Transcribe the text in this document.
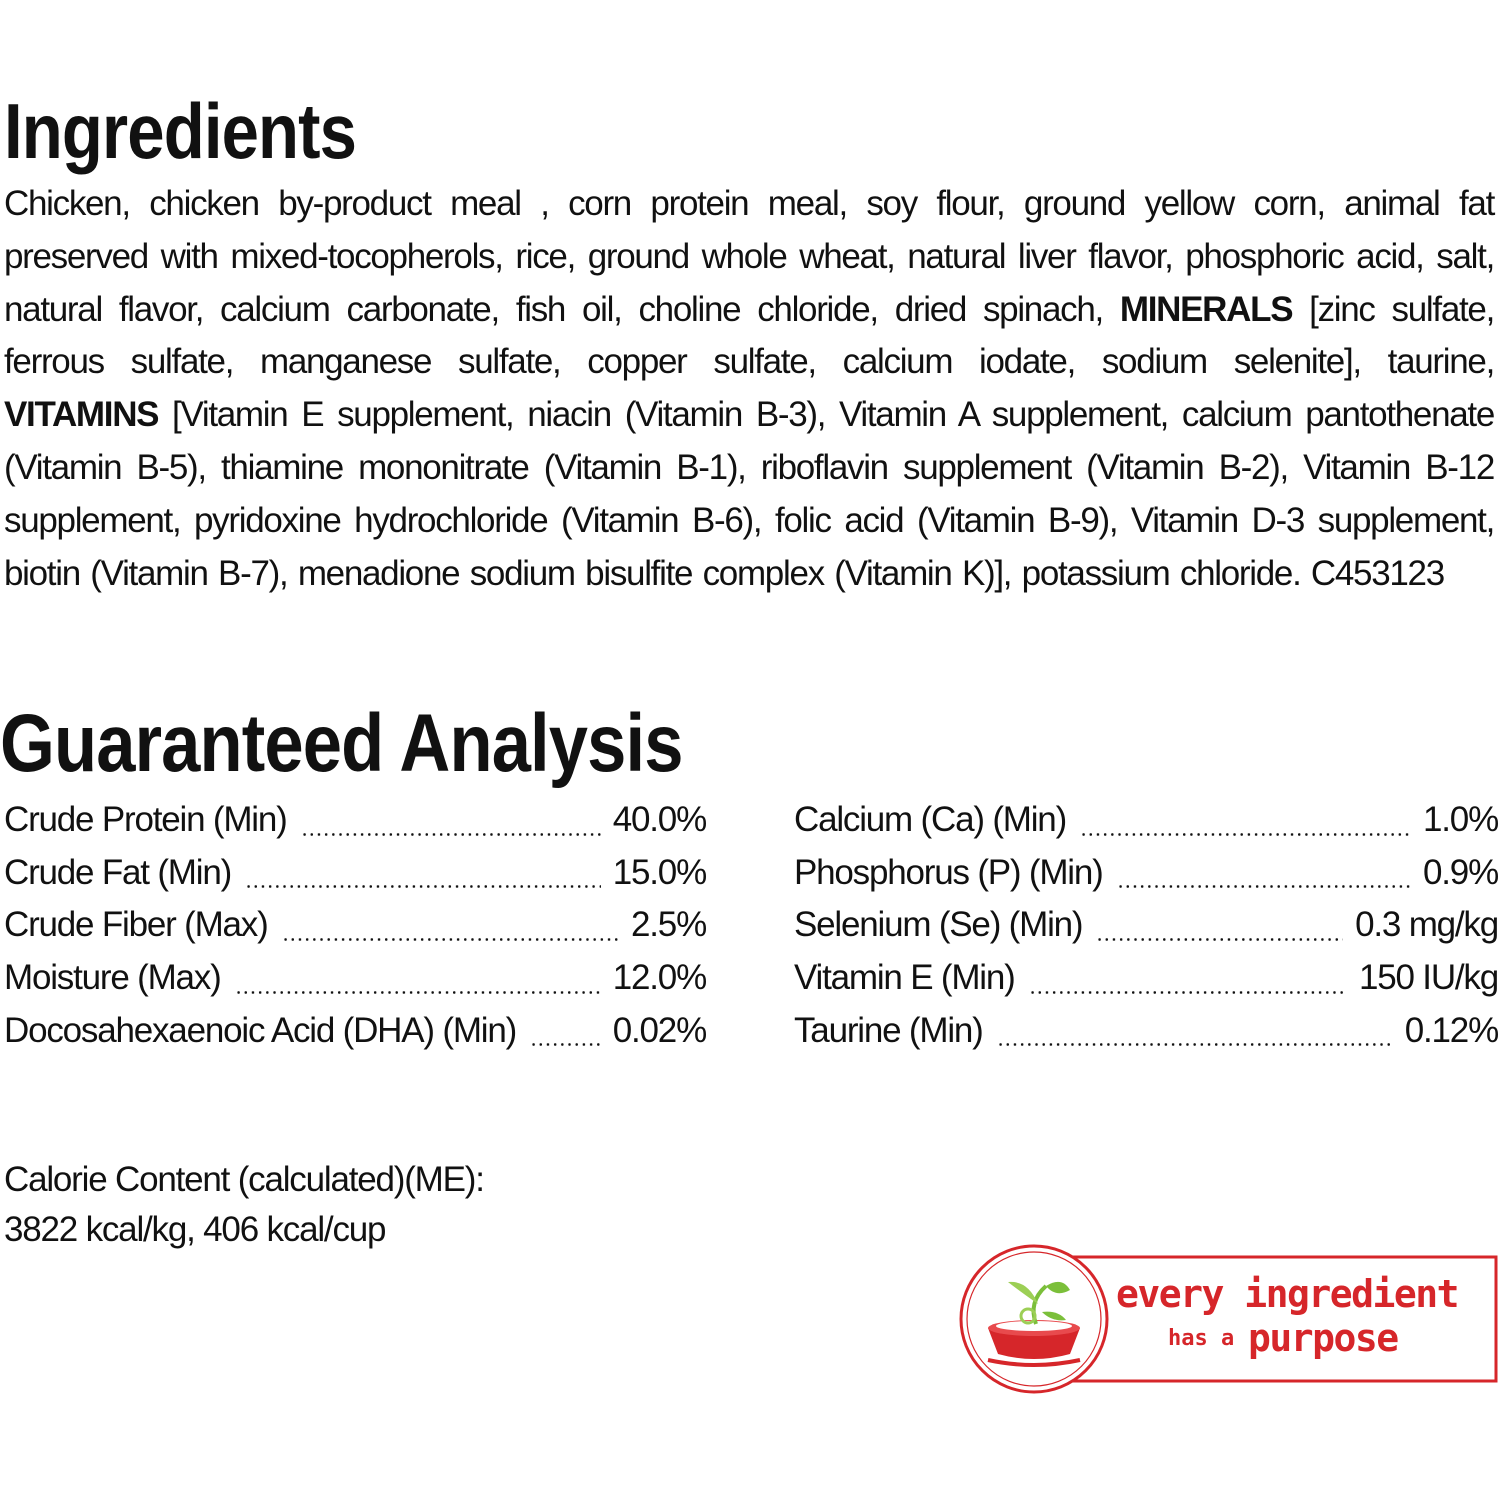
Ingredients

Chicken, chicken by-product meal , corn protein meal, soy flour, ground yellow corn, animal fat preserved with mixed-tocopherols, rice, ground whole wheat, natural liver flavor, phosphoric acid, salt, natural flavor, calcium carbonate, fish oil, choline chloride, dried spinach, MINERALS [zinc sulfate, ferrous sulfate, manganese sulfate, copper sulfate, calcium iodate, sodium selenite], taurine, VITAMINS [Vitamin E supplement, niacin (Vitamin B-3), Vitamin A supplement, calcium pantothenate (Vitamin B-5), thiamine mononitrate (Vitamin B-1), riboflavin supplement (Vitamin B-2), Vitamin B-12 supplement, pyridoxine hydrochloride (Vitamin B-6), folic acid (Vitamin B-9), Vitamin D-3 supplement, biotin (Vitamin B-7), menadione sodium bisulfite complex (Vitamin K)], potassium chloride. C453123

Guaranteed Analysis
Crude Protein (Min)	40.0%
Crude Fat (Min)	15.0%
Crude Fiber (Max)	2.5%
Moisture (Max)	12.0%
Docosahexaenoic Acid (DHA) (Min)	0.02%
Calcium (Ca) (Min)	1.0%
Phosphorus (P) (Min)	0.9%
Selenium (Se) (Min)	0.3 mg/kg
Vitamin E (Min)	150 IU/kg
Taurine (Min)	0.12%

Calorie Content (calculated)(ME):

3822 kcal/kg, 406 kcal/cup

every ingredient
has a purpose
